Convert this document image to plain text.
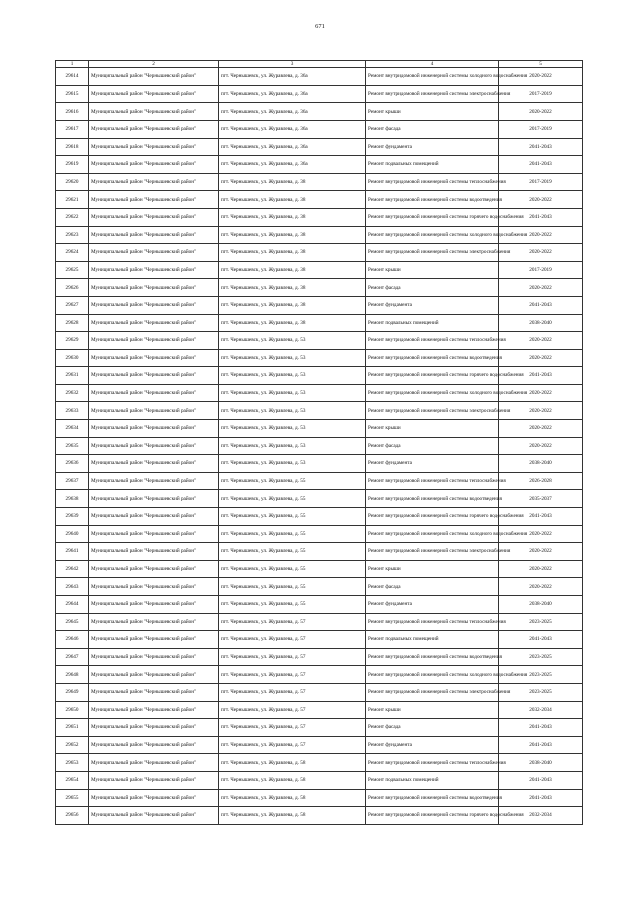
671
1	2	3	4	5
29614	Муниципальный район "Чернышевский район"	пгт. Чернышевск, ул. Журавлева, д. 36а	Ремонт внутридомовой инженерной системы холодного водоснабжения	2020-2022
29615	Муниципальный район "Чернышевский район"	пгт. Чернышевск, ул. Журавлева, д. 36а	Ремонт внутридомовой инженерной системы электроснабжения	2017-2019
29616	Муниципальный район "Чернышевский район"	пгт. Чернышевск, ул. Журавлева, д. 36а	Ремонт крыши	2020-2022
29617	Муниципальный район "Чернышевский район"	пгт. Чернышевск, ул. Журавлева, д. 36а	Ремонт фасада	2017-2019
29618	Муниципальный район "Чернышевский район"	пгт. Чернышевск, ул. Журавлева, д. 36а	Ремонт фундамента	2041-2043
29619	Муниципальный район "Чернышевский район"	пгт. Чернышевск, ул. Журавлева, д. 36а	Ремонт подвальных помещений	2041-2043
29620	Муниципальный район "Чернышевский район"	пгт. Чернышевск, ул. Журавлева, д. 38	Ремонт внутридомовой инженерной системы теплоснабжения	2017-2019
29621	Муниципальный район "Чернышевский район"	пгт. Чернышевск, ул. Журавлева, д. 38	Ремонт внутридомовой инженерной системы водоотведения	2020-2022
29622	Муниципальный район "Чернышевский район"	пгт. Чернышевск, ул. Журавлева, д. 38	Ремонт внутридомовой инженерной системы горячего водоснабжения	2041-2043
29623	Муниципальный район "Чернышевский район"	пгт. Чернышевск, ул. Журавлева, д. 38	Ремонт внутридомовой инженерной системы холодного водоснабжения	2020-2022
29624	Муниципальный район "Чернышевский район"	пгт. Чернышевск, ул. Журавлева, д. 38	Ремонт внутридомовой инженерной системы электроснабжения	2020-2022
29625	Муниципальный район "Чернышевский район"	пгт. Чернышевск, ул. Журавлева, д. 38	Ремонт крыши	2017-2019
29626	Муниципальный район "Чернышевский район"	пгт. Чернышевск, ул. Журавлева, д. 38	Ремонт фасада	2020-2022
29627	Муниципальный район "Чернышевский район"	пгт. Чернышевск, ул. Журавлева, д. 38	Ремонт фундамента	2041-2043
29628	Муниципальный район "Чернышевский район"	пгт. Чернышевск, ул. Журавлева, д. 38	Ремонт подвальных помещений	2038-2040
29629	Муниципальный район "Чернышевский район"	пгт. Чернышевск, ул. Журавлева, д. 53	Ремонт внутридомовой инженерной системы теплоснабжения	2020-2022
29630	Муниципальный район "Чернышевский район"	пгт. Чернышевск, ул. Журавлева, д. 53	Ремонт внутридомовой инженерной системы водоотведения	2020-2022
29631	Муниципальный район "Чернышевский район"	пгт. Чернышевск, ул. Журавлева, д. 53	Ремонт внутридомовой инженерной системы горячего водоснабжения	2041-2043
29632	Муниципальный район "Чернышевский район"	пгт. Чернышевск, ул. Журавлева, д. 53	Ремонт внутридомовой инженерной системы холодного водоснабжения	2020-2022
29633	Муниципальный район "Чернышевский район"	пгт. Чернышевск, ул. Журавлева, д. 53	Ремонт внутридомовой инженерной системы электроснабжения	2020-2022
29634	Муниципальный район "Чернышевский район"	пгт. Чернышевск, ул. Журавлева, д. 53	Ремонт крыши	2020-2022
29635	Муниципальный район "Чернышевский район"	пгт. Чернышевск, ул. Журавлева, д. 53	Ремонт фасада	2020-2022
29636	Муниципальный район "Чернышевский район"	пгт. Чернышевск, ул. Журавлева, д. 53	Ремонт фундамента	2038-2040
29637	Муниципальный район "Чернышевский район"	пгт. Чернышевск, ул. Журавлева, д. 55	Ремонт внутридомовой инженерной системы теплоснабжения	2026-2028
29638	Муниципальный район "Чернышевский район"	пгт. Чернышевск, ул. Журавлева, д. 55	Ремонт внутридомовой инженерной системы водоотведения	2035-2037
29639	Муниципальный район "Чернышевский район"	пгт. Чернышевск, ул. Журавлева, д. 55	Ремонт внутридомовой инженерной системы горячего водоснабжения	2041-2043
29640	Муниципальный район "Чернышевский район"	пгт. Чернышевск, ул. Журавлева, д. 55	Ремонт внутридомовой инженерной системы холодного водоснабжения	2020-2022
29641	Муниципальный район "Чернышевский район"	пгт. Чернышевск, ул. Журавлева, д. 55	Ремонт внутридомовой инженерной системы электроснабжения	2020-2022
29642	Муниципальный район "Чернышевский район"	пгт. Чернышевск, ул. Журавлева, д. 55	Ремонт крыши	2020-2022
29643	Муниципальный район "Чернышевский район"	пгт. Чернышевск, ул. Журавлева, д. 55	Ремонт фасада	2020-2022
29644	Муниципальный район "Чернышевский район"	пгт. Чернышевск, ул. Журавлева, д. 55	Ремонт фундамента	2038-2040
29645	Муниципальный район "Чернышевский район"	пгт. Чернышевск, ул. Журавлева, д. 57	Ремонт внутридомовой инженерной системы теплоснабжения	2023-2025
29646	Муниципальный район "Чернышевский район"	пгт. Чернышевск, ул. Журавлева, д. 57	Ремонт подвальных помещений	2041-2043
29647	Муниципальный район "Чернышевский район"	пгт. Чернышевск, ул. Журавлева, д. 57	Ремонт внутридомовой инженерной системы водоотведения	2023-2025
29648	Муниципальный район "Чернышевский район"	пгт. Чернышевск, ул. Журавлева, д. 57	Ремонт внутридомовой инженерной системы холодного водоснабжения	2023-2025
29649	Муниципальный район "Чернышевский район"	пгт. Чернышевск, ул. Журавлева, д. 57	Ремонт внутридомовой инженерной системы электроснабжения	2023-2025
29650	Муниципальный район "Чернышевский район"	пгт. Чернышевск, ул. Журавлева, д. 57	Ремонт крыши	2032-2034
29651	Муниципальный район "Чернышевский район"	пгт. Чернышевск, ул. Журавлева, д. 57	Ремонт фасада	2041-2043
29652	Муниципальный район "Чернышевский район"	пгт. Чернышевск, ул. Журавлева, д. 57	Ремонт фундамента	2041-2043
29653	Муниципальный район "Чернышевский район"	пгт. Чернышевск, ул. Журавлева, д. 58	Ремонт внутридомовой инженерной системы теплоснабжения	2038-2040
29654	Муниципальный район "Чернышевский район"	пгт. Чернышевск, ул. Журавлева, д. 58	Ремонт подвальных помещений	2041-2043
29655	Муниципальный район "Чернышевский район"	пгт. Чернышевск, ул. Журавлева, д. 58	Ремонт внутридомовой инженерной системы водоотведения	2041-2043
29656	Муниципальный район "Чернышевский район"	пгт. Чернышевск, ул. Журавлева, д. 58	Ремонт внутридомовой инженерной системы горячего водоснабжения	2032-2034
